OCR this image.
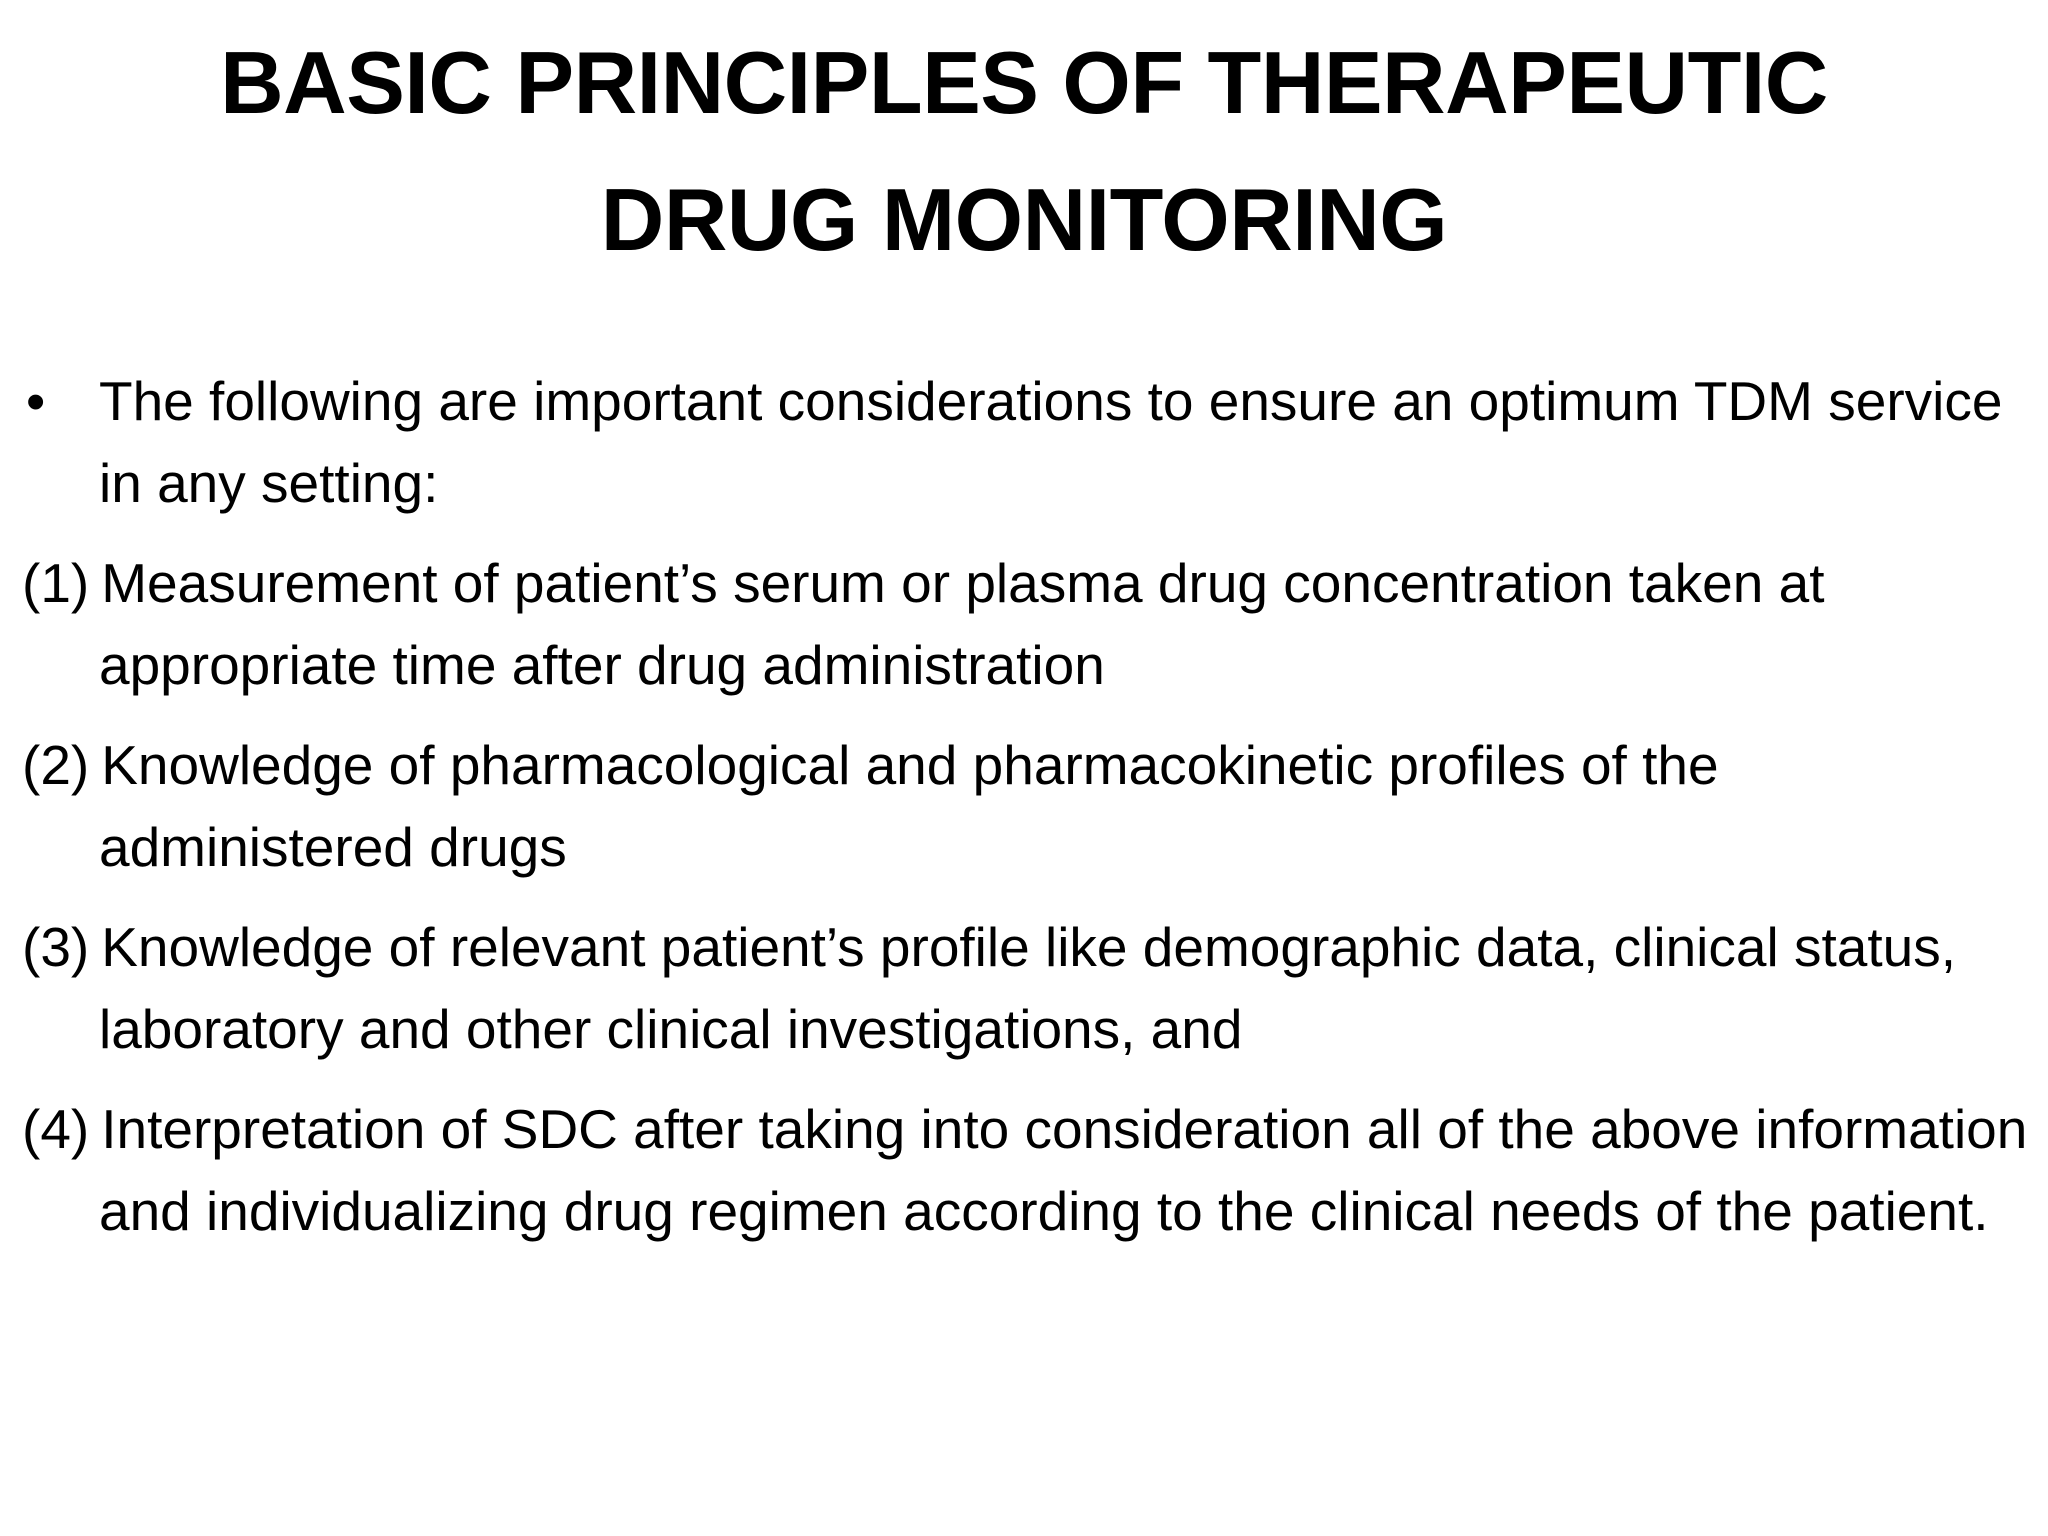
BASIC PRINCIPLES OF THERAPEUTIC
DRUG MONITORING
• The following are important considerations to ensure an optimum TDM service in any setting:
(1) Measurement of patient’s serum or plasma drug concentration taken at appropriate time after drug administration
(2) Knowledge of pharmacological and pharmacokinetic profiles of the administered drugs
(3) Knowledge of relevant patient’s profile like demographic data, clinical status, laboratory and other clinical investigations, and
(4) Interpretation of SDC after taking into consideration all of the above information and individualizing drug regimen according to the clinical needs of the patient.
